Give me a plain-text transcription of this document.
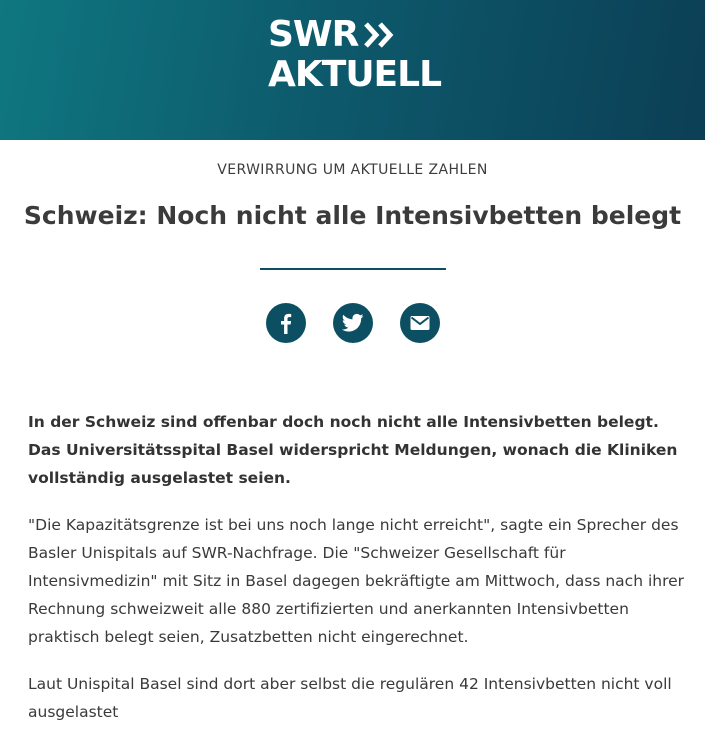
SWR
AKTUELL
VERWIRRUNG UM AKTUELLE ZAHLEN
Schweiz: Noch nicht alle Intensivbetten belegt

In der Schweiz sind offenbar doch noch nicht alle Intensivbetten belegt. Das Universitätsspital Basel widerspricht Meldungen, wonach die Kliniken vollständig ausgelastet seien.

"Die Kapazitätsgrenze ist bei uns noch lange nicht erreicht", sagte ein Sprecher des Basler Unispitals auf SWR-Nachfrage. Die "Schweizer Gesellschaft für Intensivmedizin" mit Sitz in Basel dagegen bekräftigte am Mittwoch, dass nach ihrer Rechnung schweizweit alle 880 zertifizierten und anerkannten Intensivbetten praktisch belegt seien, Zusatzbetten nicht eingerechnet.

Laut Unispital Basel sind dort aber selbst die regulären 42 Intensivbetten nicht voll ausgelastet
